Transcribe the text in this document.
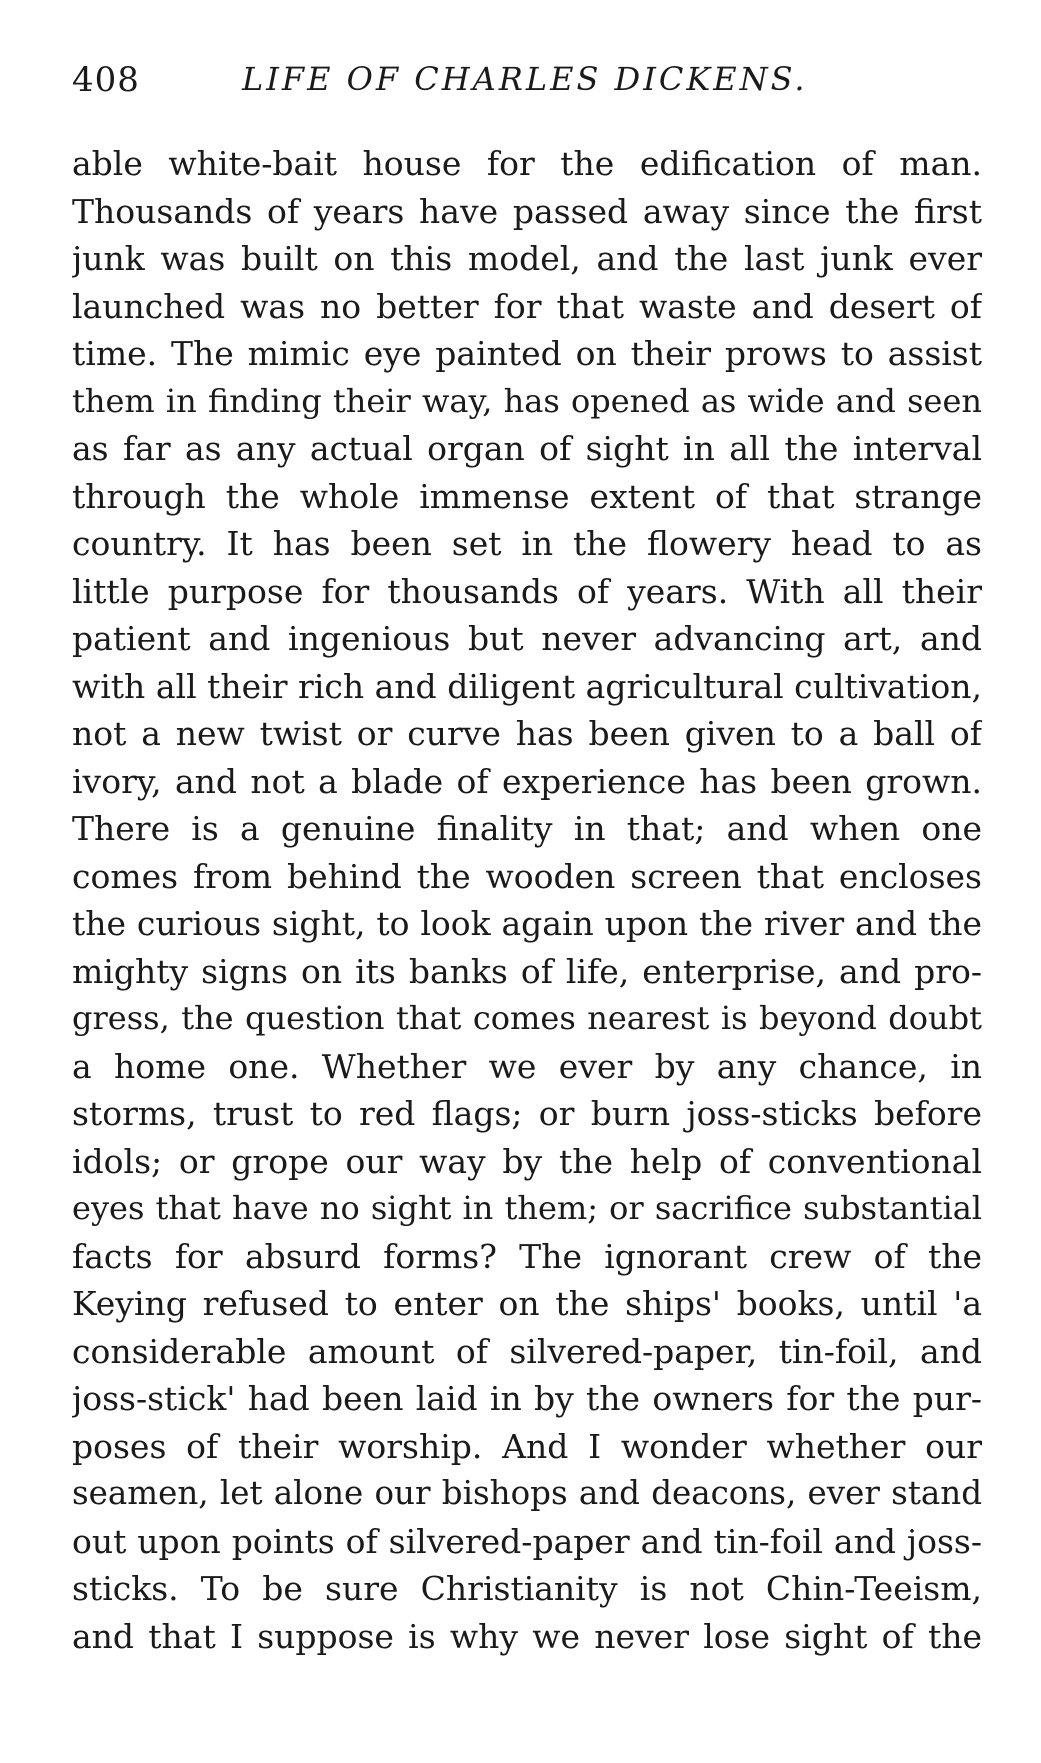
408	LIFE OF CHARLES DICKENS.
able white-bait house for the edification of man.
Thousands of years have passed away since the first
junk was built on this model, and the last junk ever
launched was no better for that waste and desert of
time. The mimic eye painted on their prows to assist
them in finding their way, has opened as wide and seen
as far as any actual organ of sight in all the interval
through the whole immense extent of that strange
country. It has been set in the flowery head to as
little purpose for thousands of years. With all their
patient and ingenious but never advancing art, and
with all their rich and diligent agricultural cultivation,
not a new twist or curve has been given to a ball of
ivory, and not a blade of experience has been grown.
There is a genuine finality in that; and when one
comes from behind the wooden screen that encloses
the curious sight, to look again upon the river and the
mighty signs on its banks of life, enterprise, and pro-
gress, the question that comes nearest is beyond doubt
a home one. Whether we ever by any chance, in
storms, trust to red flags; or burn joss-sticks before
idols; or grope our way by the help of conventional
eyes that have no sight in them; or sacrifice substantial
facts for absurd forms? The ignorant crew of the
Keying refused to enter on the ships' books, until 'a
considerable amount of silvered-paper, tin-foil, and
joss-stick' had been laid in by the owners for the pur-
poses of their worship. And I wonder whether our
seamen, let alone our bishops and deacons, ever stand
out upon points of silvered-paper and tin-foil and joss-
sticks. To be sure Christianity is not Chin-Teeism,
and that I suppose is why we never lose sight of the
